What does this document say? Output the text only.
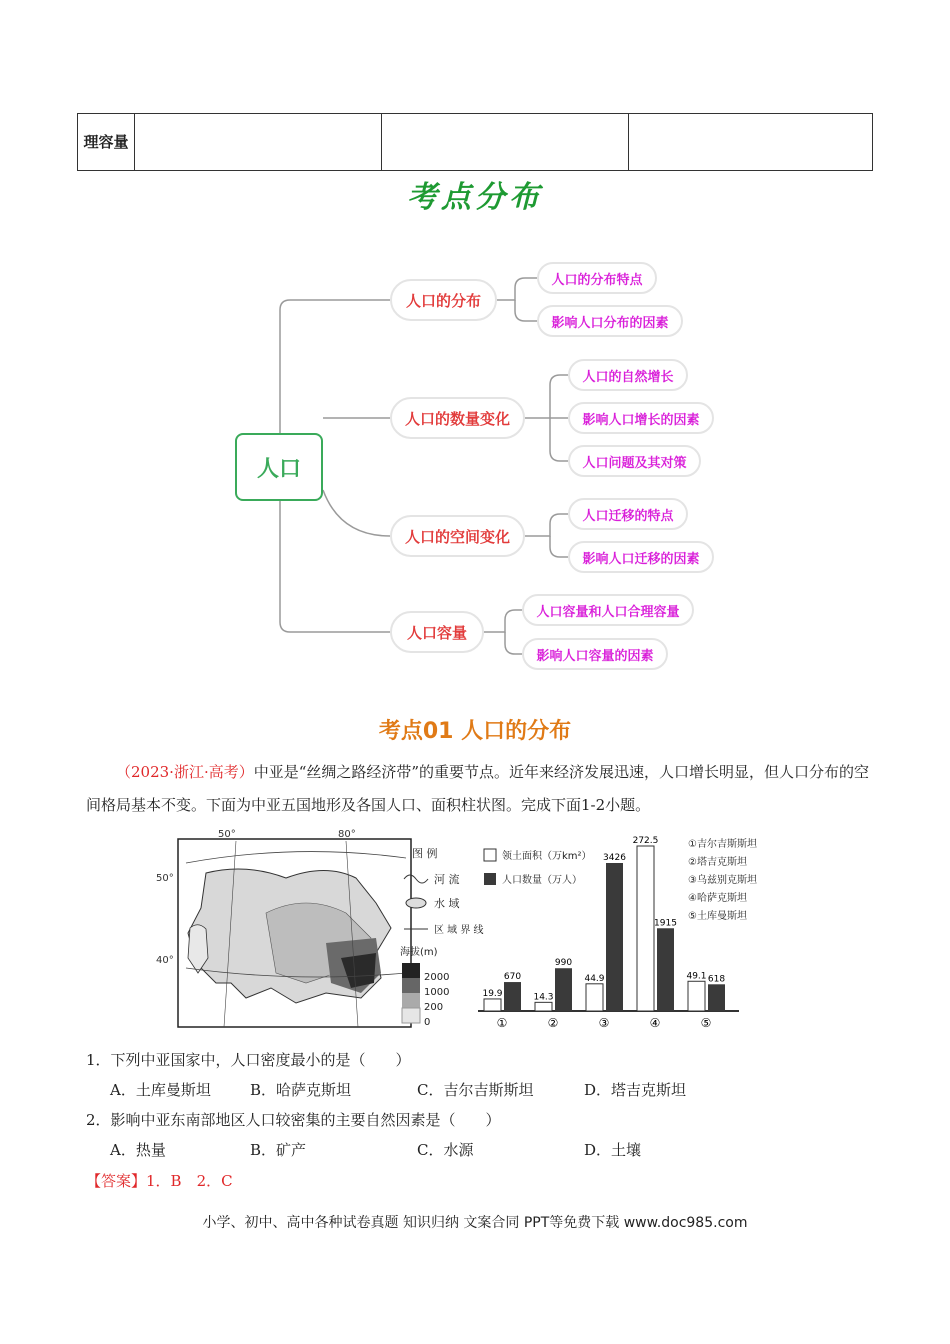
理容量			
考点分布
人口
人口的分布
人口的分布特点
影响人口分布的因素
人口的数量变化
人口的自然增长
影响人口增长的因素
人口问题及其对策
人口的空间变化
人口迁移的特点
影响人口迁移的因素
人口容量
人口容量和人口合理容量
影响人口容量的因素
考点01 人口的分布
（2023·浙江·高考）中亚是“丝绸之路经济带”的重要节点。近年来经济发展迅速，人口增长明显，但人口分布的空间格局基本不变。下面为中亚五国地形及各国人口、面积柱状图。完成下面1-2小题。
50°	80°
50°
40°
图 例
河 流
水 域
区 域 界 线
海拔(m)
2000
1000
200
0
领土面积（万km²）
人口数量（万人）
①吉尔吉斯斯坦
②塔吉克斯坦
③乌兹别克斯坦
④哈萨克斯坦
⑤土库曼斯坦
19.9
670
①
14.3
990
②
44.9
3426
③
272.5
1915
④
49.1 618
⑤
1．下列中亚国家中，人口密度最小的是（　　）
A．土库曼斯坦	B．哈萨克斯坦	C．吉尔吉斯斯坦	D．塔吉克斯坦
2．影响中亚东南部地区人口较密集的主要自然因素是（　　）
A．热量	B．矿产	C．水源	D．土壤
【答案】1．B　2．C
小学、初中、高中各种试卷真题 知识归纳 文案合同 PPT等免费下载 www.doc985.com
